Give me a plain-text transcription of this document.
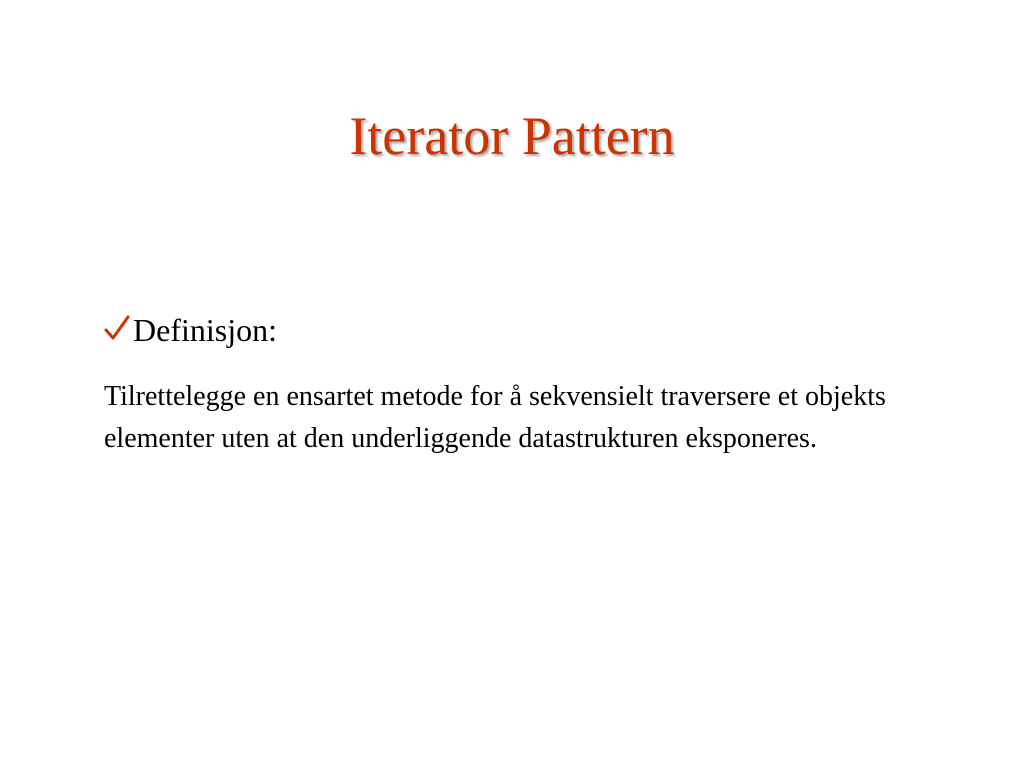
Iterator Pattern
Definisjon:

Tilrettelegge en ensartet metode for å sekvensielt traversere et objekts elementer uten at den underliggende datastrukturen eksponeres.
